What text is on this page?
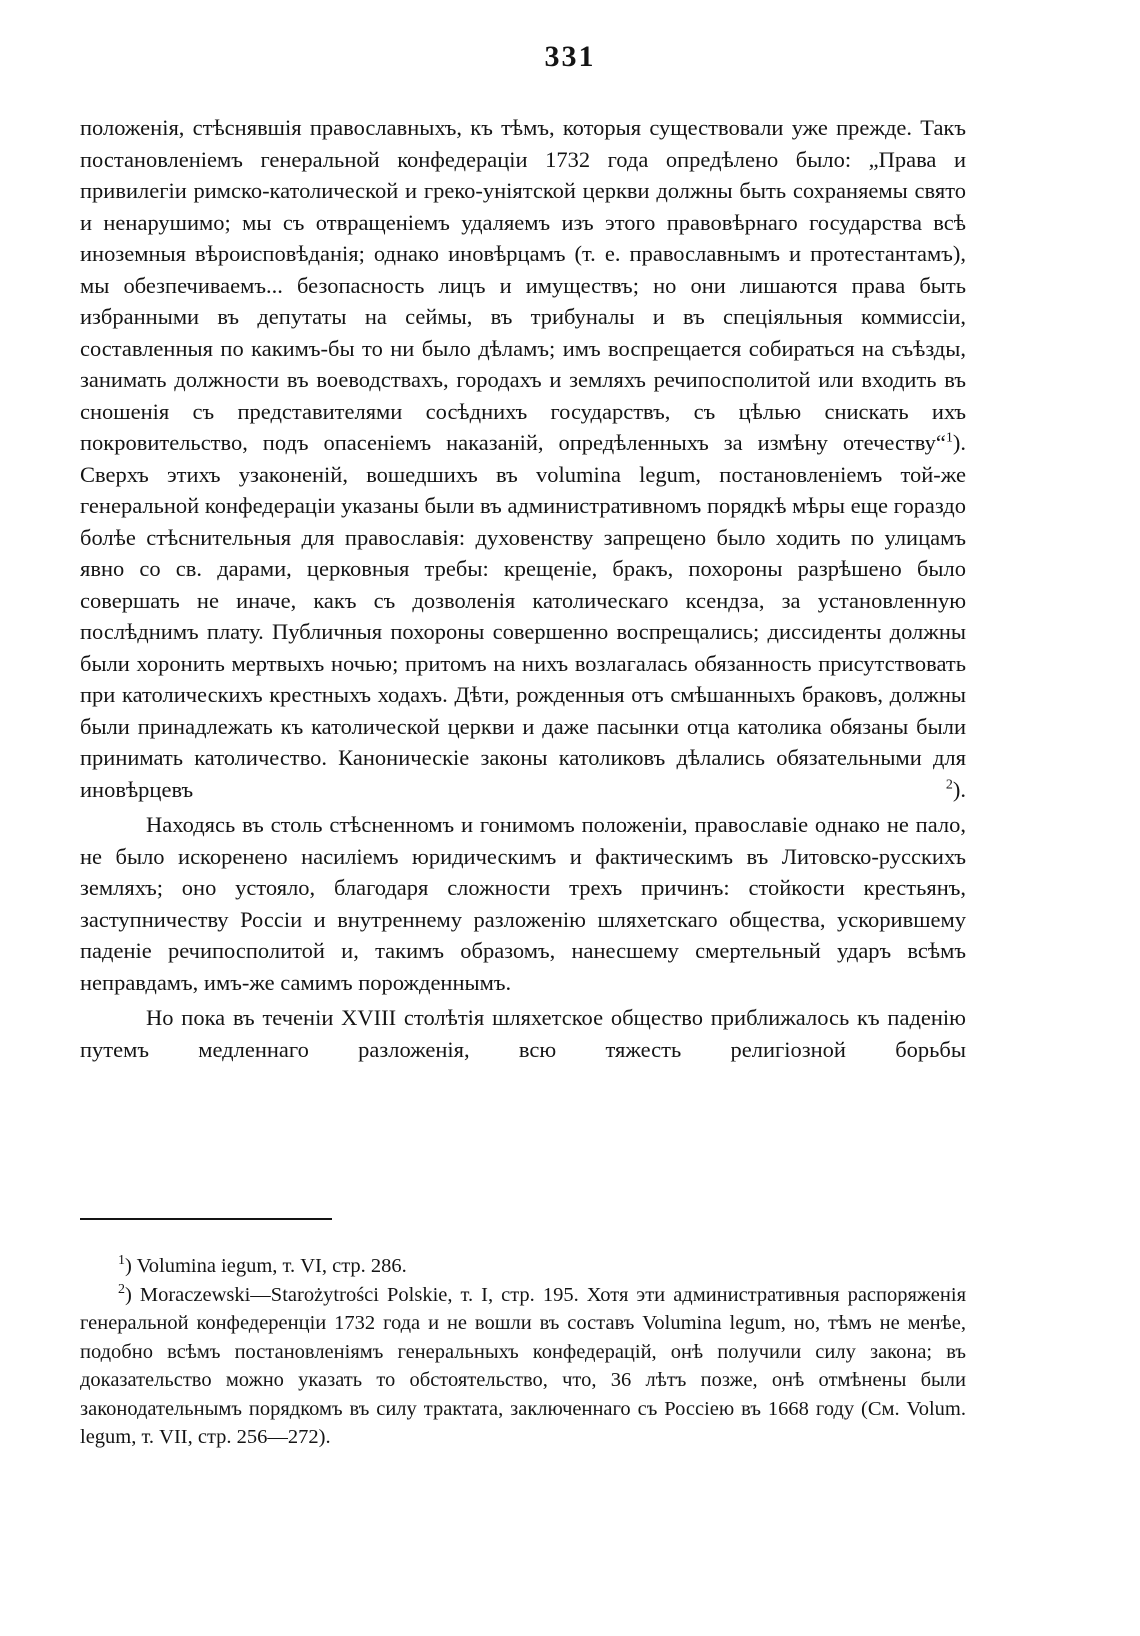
331

положенія, стѣснявшія православныхъ, къ тѣмъ, которыя существовали уже прежде. Такъ постановленіемъ генеральной конфедераціи 1732 года опредѣлено было: „Права и привилегіи римско-католической и греко-уніятской церкви должны быть сохраняемы свято и ненарушимо; мы съ отвращеніемъ удаляемъ изъ этого правовѣрнаго государства всѣ иноземныя вѣроисповѣданія; однако иновѣрцамъ (т. е. православнымъ и протестантамъ), мы обезпечиваемъ... безопасность лицъ и имуществъ; но они лишаются права быть избранными въ депутаты на сеймы, въ трибуналы и въ спеціяльныя коммиссіи, составленныя по какимъ-бы то ни было дѣламъ; имъ воспрещается собираться на съѣзды, занимать должности въ воеводствахъ, городахъ и земляхъ речипосполитой или входить въ сношенія съ представителями сосѣднихъ государствъ, съ цѣлью снискать ихъ покровительство, подъ опасеніемъ наказаній, опредѣленныхъ за измѣну отечеству“$^1$). Сверхъ этихъ узаконеній, вошедшихъ въ volumina legum, постановленіемъ той-же генеральной конфедераціи указаны были въ административномъ порядкѣ мѣры еще гораздо болѣе стѣснительныя для православія: духовенству запрещено было ходить по улицамъ явно со св. дарами, церковныя требы: крещеніе, бракъ, похороны разрѣшено было совершать не иначе, какъ съ дозволенія католическаго ксендза, за установленную послѣднимъ плату. Публичныя похороны совершенно воспрещались; диссиденты должны были хоронить мертвыхъ ночью; притомъ на нихъ возлагалась обязанность присутствовать при католическихъ крестныхъ ходахъ. Дѣти, рожденныя отъ смѣшанныхъ браковъ, должны были принадлежать къ католической церкви и даже пасынки отца католика обязаны были принимать католичество. Каноническіе законы католиковъ дѣлались обязательными для иновѣрцевъ	$^2$).

Находясь въ столь стѣсненномъ и гонимомъ положеніи, православіе однако не пало, не было искоренено насиліемъ юридическимъ и фактическимъ въ Литовско-русскихъ земляхъ; оно устояло, благодаря сложности трехъ причинъ: стойкости крестьянъ, заступничеству Россіи и внутреннему разложенію шляхетскаго общества, ускорившему паденіе речипосполитой и, такимъ образомъ, нанесшему смертельный ударъ всѣмъ неправдамъ, имъ-же самимъ порожденнымъ.

Но пока въ теченіи XVIII столѣтія шляхетское общество приближалось къ паденію путемъ медленнаго разложенія, всю тяжесть религіозной борьбы

$^1$) Volumina iegum, т. VI, стр. 286.

$^2$) Moraczewski—Starożytrości Polskie, т. I, стр. 195. Хотя эти административныя распоряженія генеральной конфедеренціи 1732 года и не вошли въ составъ Volumina legum, но, тѣмъ не менѣе, подобно всѣмъ постановленіямъ генеральныхъ конфедерацій, онѣ получили силу закона; въ доказательство можно указать то обстоятельство, что, 36 лѣтъ позже, онѣ отмѣнены были законодательнымъ порядкомъ въ силу трактата, заключеннаго съ Россіею въ 1668 году (См. Volum. legum, т. VII, стр. 256—272).
